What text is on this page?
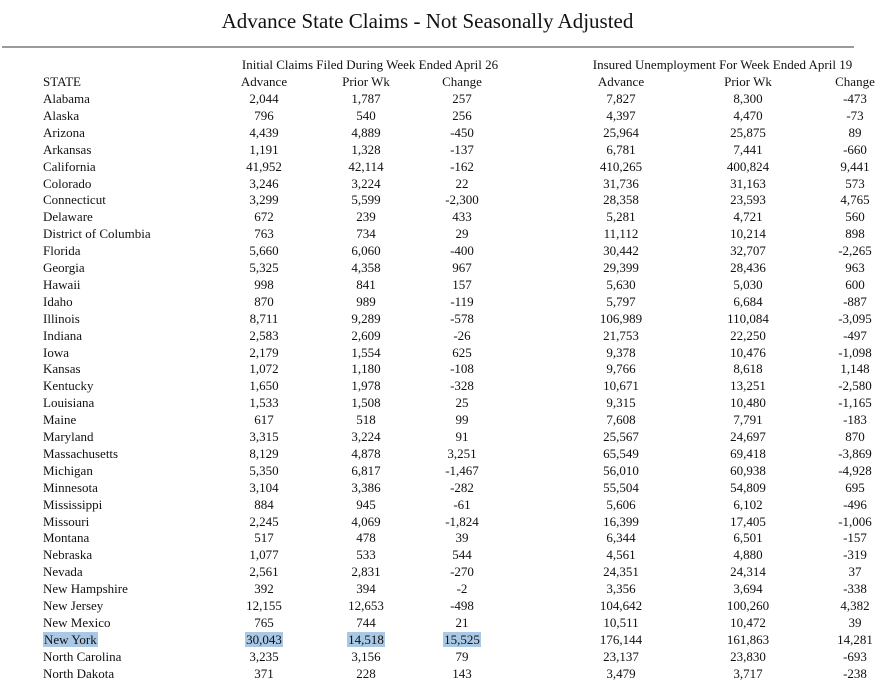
Advance State Claims - Not Seasonally Adjusted
Initial Claims Filed During Week Ended April 26	Insured Unemployment For Week Ended April 19
STATE	Advance	Prior Wk	Change	Advance	Prior Wk	Change
Alabama	2,044	1,787	257	7,827	8,300	-473
Alaska	796	540	256	4,397	4,470	-73
Arizona	4,439	4,889	-450	25,964	25,875	89
Arkansas	1,191	1,328	-137	6,781	7,441	-660
California	41,952	42,114	-162	410,265	400,824	9,441
Colorado	3,246	3,224	22	31,736	31,163	573
Connecticut	3,299	5,599	-2,300	28,358	23,593	4,765
Delaware	672	239	433	5,281	4,721	560
District of Columbia	763	734	29	11,112	10,214	898
Florida	5,660	6,060	-400	30,442	32,707	-2,265
Georgia	5,325	4,358	967	29,399	28,436	963
Hawaii	998	841	157	5,630	5,030	600
Idaho	870	989	-119	5,797	6,684	-887
Illinois	8,711	9,289	-578	106,989	110,084	-3,095
Indiana	2,583	2,609	-26	21,753	22,250	-497
Iowa	2,179	1,554	625	9,378	10,476	-1,098
Kansas	1,072	1,180	-108	9,766	8,618	1,148
Kentucky	1,650	1,978	-328	10,671	13,251	-2,580
Louisiana	1,533	1,508	25	9,315	10,480	-1,165
Maine	617	518	99	7,608	7,791	-183
Maryland	3,315	3,224	91	25,567	24,697	870
Massachusetts	8,129	4,878	3,251	65,549	69,418	-3,869
Michigan	5,350	6,817	-1,467	56,010	60,938	-4,928
Minnesota	3,104	3,386	-282	55,504	54,809	695
Mississippi	884	945	-61	5,606	6,102	-496
Missouri	2,245	4,069	-1,824	16,399	17,405	-1,006
Montana	517	478	39	6,344	6,501	-157
Nebraska	1,077	533	544	4,561	4,880	-319
Nevada	2,561	2,831	-270	24,351	24,314	37
New Hampshire	392	394	-2	3,356	3,694	-338
New Jersey	12,155	12,653	-498	104,642	100,260	4,382
New Mexico	765	744	21	10,511	10,472	39
New York	30,043	14,518	15,525	176,144	161,863	14,281
North Carolina	3,235	3,156	79	23,137	23,830	-693
North Dakota	371	228	143	3,479	3,717	-238
